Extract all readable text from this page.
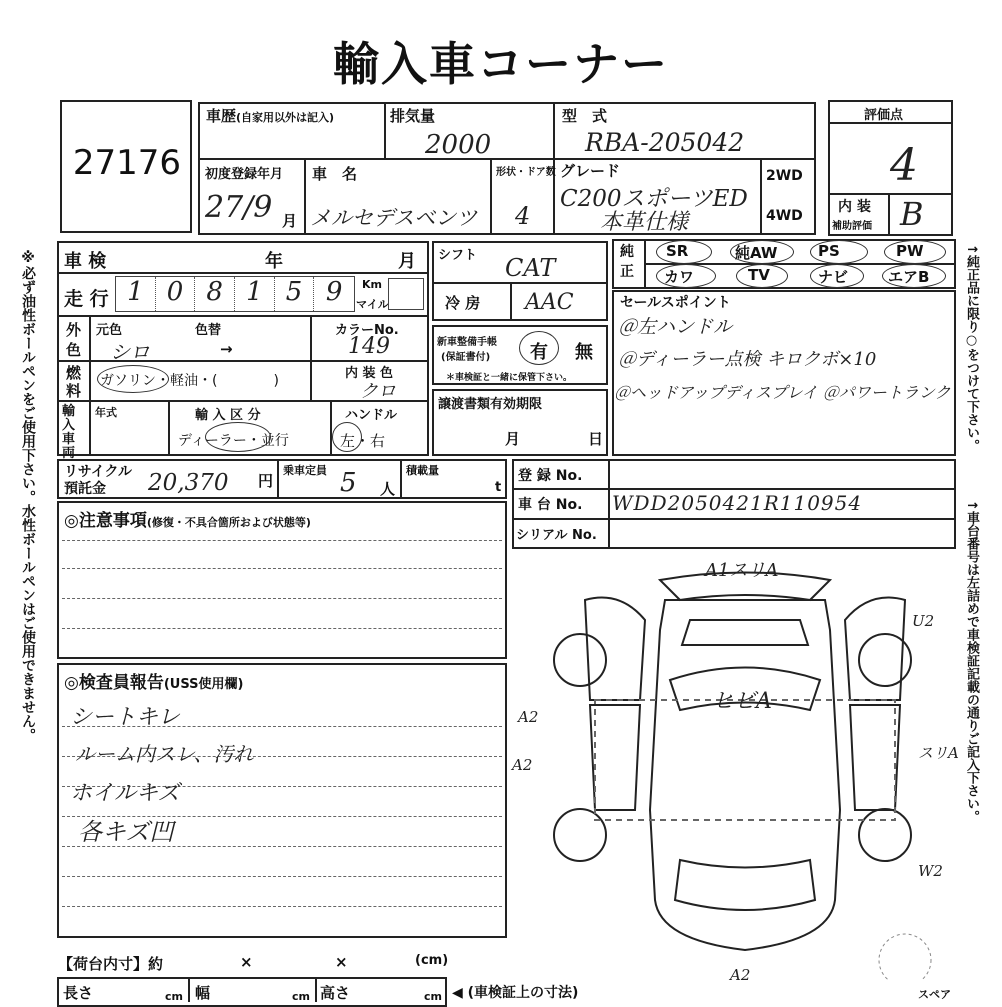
輸入車コーナー
27176
車歴(自家用以外は記入)	排気量
2000
型　式
RBA-205042
初度登録年月
27/9 月
車　名
メルセデスベンツ
形状・ドア数
4
グレード
C200スポーツED
本革仕様
2WD
4WD
評価点
4
内 装
補助評価 B
車 検	年	月
走 行 1 0 8 1 5 9	Km
マイル
外
色
元色	色替	カラーNo.
シロ	→	149
燃
料
ガソリン・軽油・(　　　　)	内 装 色
クロ
輸入車両
年式	輸 入 区 分
ディーラー・並行
ハンドル
左・右
シフト CAT
冷 房 AAC
新車整備手帳
(保証書付) 有 無
＊車検証と一緒に保管下さい。
譲渡書類有効期限
月	日
純正
SR	純AW	PS	PW
カワ	TV	ナビ	エアB
セールスポイント
＠左ハンドル
＠ディーラー点検 キロクボ×10
＠ヘッドアップディスプレイ ＠パワートランク
リサイクル
預託金 20,370 円
乗車定員 5 人
積載量
t
登 録 No.
車 台 No. WDD2050421R110954
シリアル No.
◎注意事項(修復・不具合箇所および状態等)
◎検査員報告(USS使用欄)
シートキレ
ルーム内スレ、汚れ
ホイルキズ
各キズ凹
A1スリA
ヒビA
A2
A2
U2
スリA
W2
A2
スペア
【荷台内寸】約	×	×	(cm)
長さ	cm 幅	cm 高さ	cm ◀ (車検証上の寸法)
※必ず油性ボールペンをご使用下さい。水性ボールペンはご使用できません。	↑純正品に限り○をつけて下さい。
↑車台番号は左詰めで車検証記載の通りご記入下さい。
